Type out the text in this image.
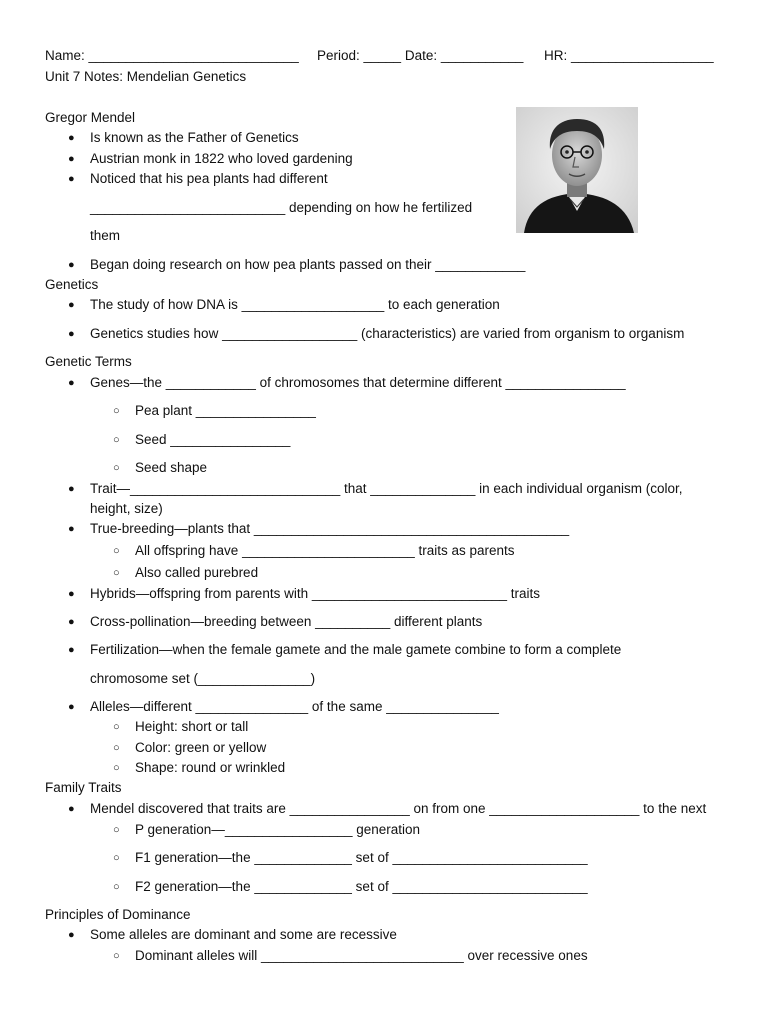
Name: ____________________________ Period: _____ Date: ___________ HR: ___________________
Unit 7 Notes: Mendelian Genetics
Gregor Mendel
● Is known as the Father of Genetics
● Austrian monk in 1822 who loved gardening
● Noticed that his pea plants had different
__________________________ depending on how he fertilized
them
● Began doing research on how pea plants passed on their ____________
Genetics
● The study of how DNA is ___________________ to each generation
● Genetics studies how __________________ (characteristics) are varied from organism to organism
Genetic Terms
● Genes—the ____________ of chromosomes that determine different ________________
○ Pea plant ________________
○ Seed ________________
○ Seed shape
● Trait—____________________________ that ______________ in each individual organism (color,
height, size)
● True-breeding—plants that __________________________________________
○ All offspring have _______________________ traits as parents
○ Also called purebred
● Hybrids—offspring from parents with __________________________ traits
● Cross-pollination—breeding between __________ different plants
● Fertilization—when the female gamete and the male gamete combine to form a complete
chromosome set (_______________)
● Alleles—different _______________ of the same _______________
○ Height: short or tall
○ Color: green or yellow
○ Shape: round or wrinkled
Family Traits
● Mendel discovered that traits are ________________ on from one ____________________ to the next
○ P generation—_________________ generation
○ F1 generation—the _____________ set of __________________________
○ F2 generation—the _____________ set of __________________________
Principles of Dominance
● Some alleles are dominant and some are recessive
○ Dominant alleles will ___________________________ over recessive ones
